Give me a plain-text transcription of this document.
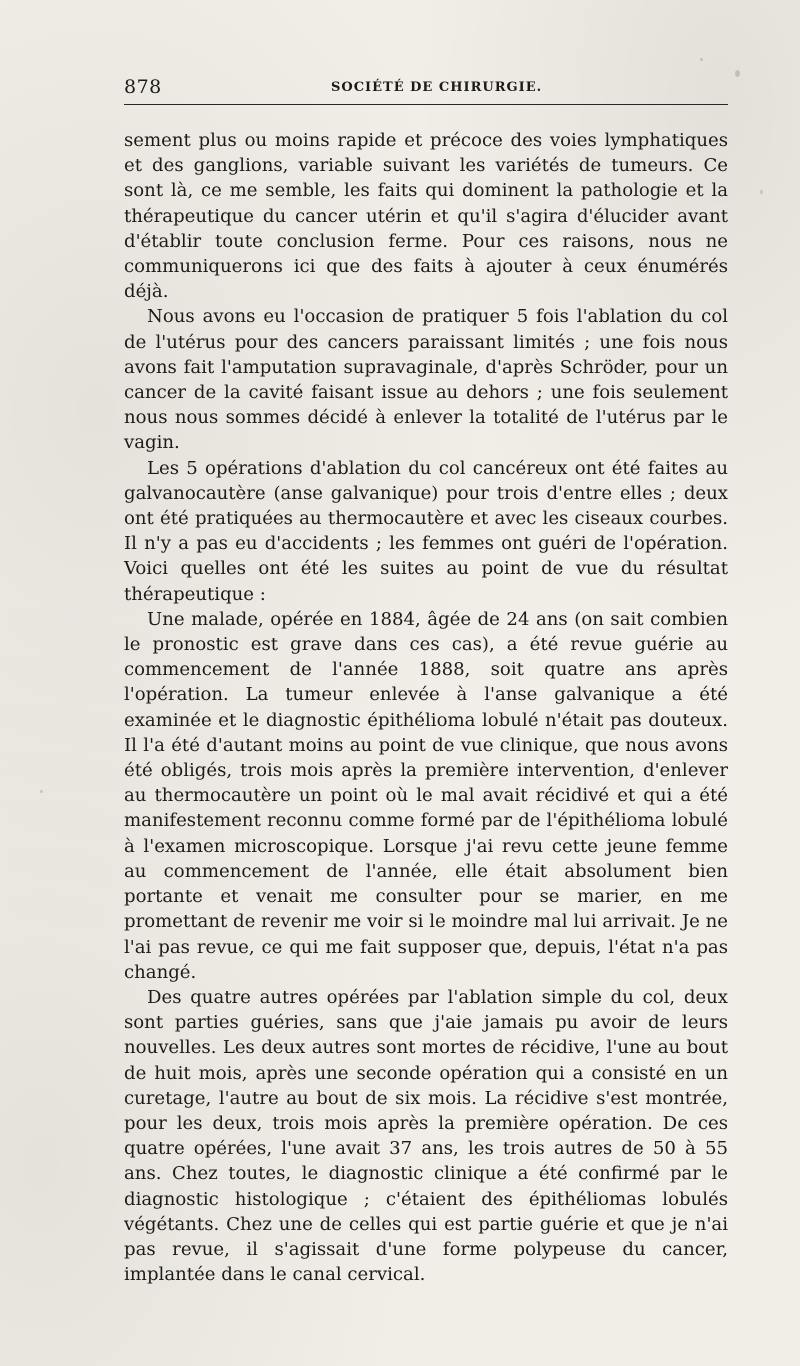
878	SOCIÉTÉ DE CHIRURGIE.

sement plus ou moins rapide et précoce des voies lymphatiques et des ganglions, variable suivant les variétés de tumeurs. Ce sont là, ce me semble, les faits qui dominent la pathologie et la thérapeutique du cancer utérin et qu'il s'agira d'élucider avant d'établir toute conclusion ferme. Pour ces raisons, nous ne communiquerons ici que des faits à ajouter à ceux énumérés déjà.

Nous avons eu l'occasion de pratiquer 5 fois l'ablation du col de l'utérus pour des cancers paraissant limités ; une fois nous avons fait l'amputation supravaginale, d'après Schröder, pour un cancer de la cavité faisant issue au dehors ; une fois seulement nous nous sommes décidé à enlever la totalité de l'utérus par le vagin.

Les 5 opérations d'ablation du col cancéreux ont été faites au galvanocautère (anse galvanique) pour trois d'entre elles ; deux ont été pratiquées au thermocautère et avec les ciseaux courbes. Il n'y a pas eu d'accidents ; les femmes ont guéri de l'opération. Voici quelles ont été les suites au point de vue du résultat thérapeutique :

Une malade, opérée en 1884, âgée de 24 ans (on sait combien le pronostic est grave dans ces cas), a été revue guérie au commencement de l'année 1888, soit quatre ans après l'opération. La tumeur enlevée à l'anse galvanique a été examinée et le diagnostic épithélioma lobulé n'était pas douteux. Il l'a été d'autant moins au point de vue clinique, que nous avons été obligés, trois mois après la première intervention, d'enlever au thermocautère un point où le mal avait récidivé et qui a été manifestement reconnu comme formé par de l'épithélioma lobulé à l'examen microscopique. Lorsque j'ai revu cette jeune femme au commencement de l'année, elle était absolument bien portante et venait me consulter pour se marier, en me promettant de revenir me voir si le moindre mal lui arrivait. Je ne l'ai pas revue, ce qui me fait supposer que, depuis, l'état n'a pas changé.

Des quatre autres opérées par l'ablation simple du col, deux sont parties guéries, sans que j'aie jamais pu avoir de leurs nouvelles. Les deux autres sont mortes de récidive, l'une au bout de huit mois, après une seconde opération qui a consisté en un curetage, l'autre au bout de six mois. La récidive s'est montrée, pour les deux, trois mois après la première opération. De ces quatre opérées, l'une avait 37 ans, les trois autres de 50 à 55 ans. Chez toutes, le diagnostic clinique a été confirmé par le diagnostic histologique ; c'étaient des épithéliomas lobulés végétants. Chez une de celles qui est partie guérie et que je n'ai pas revue, il s'agissait d'une forme polypeuse du cancer, implantée dans le canal cervical.
